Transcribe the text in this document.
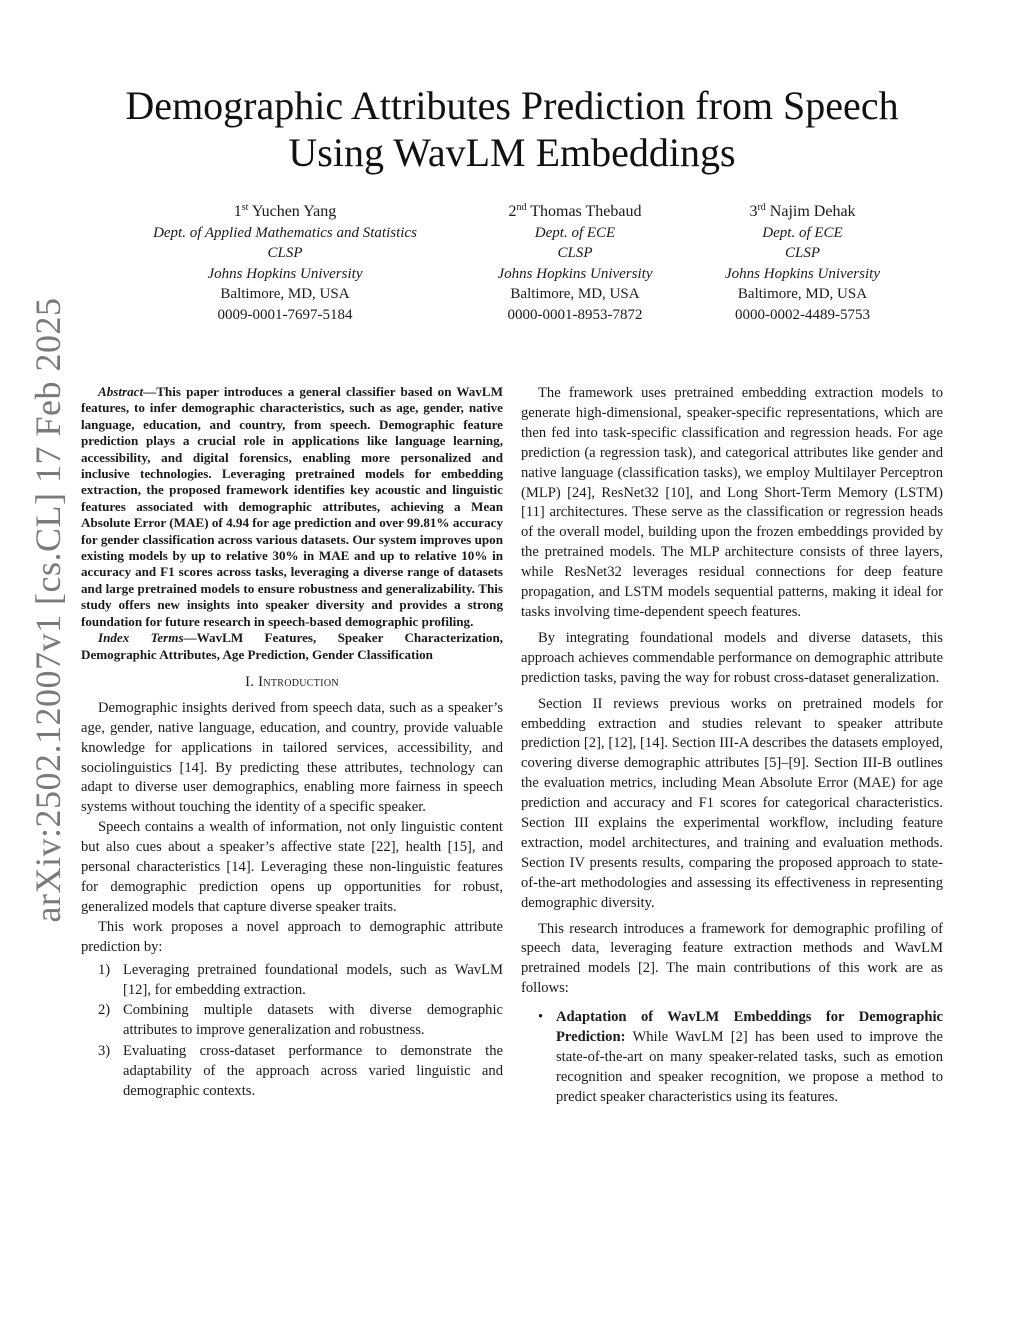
arXiv:2502.12007v1 [cs.CL] 17 Feb 2025
Demographic Attributes Prediction from Speech
Using WavLM Embeddings
1st Yuchen Yang
Dept. of Applied Mathematics and Statistics
CLSP
Johns Hopkins University
Baltimore, MD, USA
0009-0001-7697-5184
2nd Thomas Thebaud
Dept. of ECE
CLSP
Johns Hopkins University
Baltimore, MD, USA
0000-0001-8953-7872
3rd Najim Dehak
Dept. of ECE
CLSP
Johns Hopkins University
Baltimore, MD, USA
0000-0002-4489-5753

Abstract—This paper introduces a general classifier based on WavLM features, to infer demographic characteristics, such as age, gender, native language, education, and country, from speech. Demographic feature prediction plays a crucial role in applications like language learning, accessibility, and digital forensics, enabling more personalized and inclusive technologies. Leveraging pretrained models for embedding extraction, the proposed framework identifies key acoustic and linguistic features associated with demographic attributes, achieving a Mean Absolute Error (MAE) of 4.94 for age prediction and over 99.81% accuracy for gender classification across various datasets. Our system improves upon existing models by up to relative 30% in MAE and up to relative 10% in accuracy and F1 scores across tasks, leveraging a diverse range of datasets and large pretrained models to ensure robustness and generalizability. This study offers new insights into speaker diversity and provides a strong foundation for future research in speech-based demographic profiling.

Index Terms—WavLM Features, Speaker Characterization, Demographic Attributes, Age Prediction, Gender Classification

I. Introduction

Demographic insights derived from speech data, such as a speaker’s age, gender, native language, education, and country, provide valuable knowledge for applications in tailored services, accessibility, and sociolinguistics [14]. By predicting these attributes, technology can adapt to diverse user demographics, enabling more fairness in speech systems without touching the identity of a specific speaker.

Speech contains a wealth of information, not only linguistic content but also cues about a speaker’s affective state [22], health [15], and personal characteristics [14]. Leveraging these non-linguistic features for demographic prediction opens up opportunities for robust, generalized models that capture diverse speaker traits.

This work proposes a novel approach to demographic attribute prediction by:

1) Leveraging pretrained foundational models, such as WavLM [12], for embedding extraction.
2) Combining multiple datasets with diverse demographic attributes to improve generalization and robustness.
3) Evaluating cross-dataset performance to demonstrate the adaptability of the approach across varied linguistic and demographic contexts.

The framework uses pretrained embedding extraction models to generate high-dimensional, speaker-specific representations, which are then fed into task-specific classification and regression heads. For age prediction (a regression task), and categorical attributes like gender and native language (classification tasks), we employ Multilayer Perceptron (MLP) [24], ResNet32 [10], and Long Short-Term Memory (LSTM) [11] architectures. These serve as the classification or regression heads of the overall model, building upon the frozen embeddings provided by the pretrained models. The MLP architecture consists of three layers, while ResNet32 leverages residual connections for deep feature propagation, and LSTM models sequential patterns, making it ideal for tasks involving time-dependent speech features.

By integrating foundational models and diverse datasets, this approach achieves commendable performance on demographic attribute prediction tasks, paving the way for robust cross-dataset generalization.

Section II reviews previous works on pretrained models for embedding extraction and studies relevant to speaker attribute prediction [2], [12], [14]. Section III-A describes the datasets employed, covering diverse demographic attributes [5]–[9]. Section III-B outlines the evaluation metrics, including Mean Absolute Error (MAE) for age prediction and accuracy and F1 scores for categorical characteristics. Section III explains the experimental workflow, including feature extraction, model architectures, and training and evaluation methods. Section IV presents results, comparing the proposed approach to state-of-the-art methodologies and assessing its effectiveness in representing demographic diversity.

This research introduces a framework for demographic profiling of speech data, leveraging feature extraction methods and WavLM pretrained models [2]. The main contributions of this work are as follows:

• Adaptation of WavLM Embeddings for Demographic Prediction: While WavLM [2] has been used to improve the state-of-the-art on many speaker-related tasks, such as emotion recognition and speaker recognition, we propose a method to predict speaker characteristics using its features.
